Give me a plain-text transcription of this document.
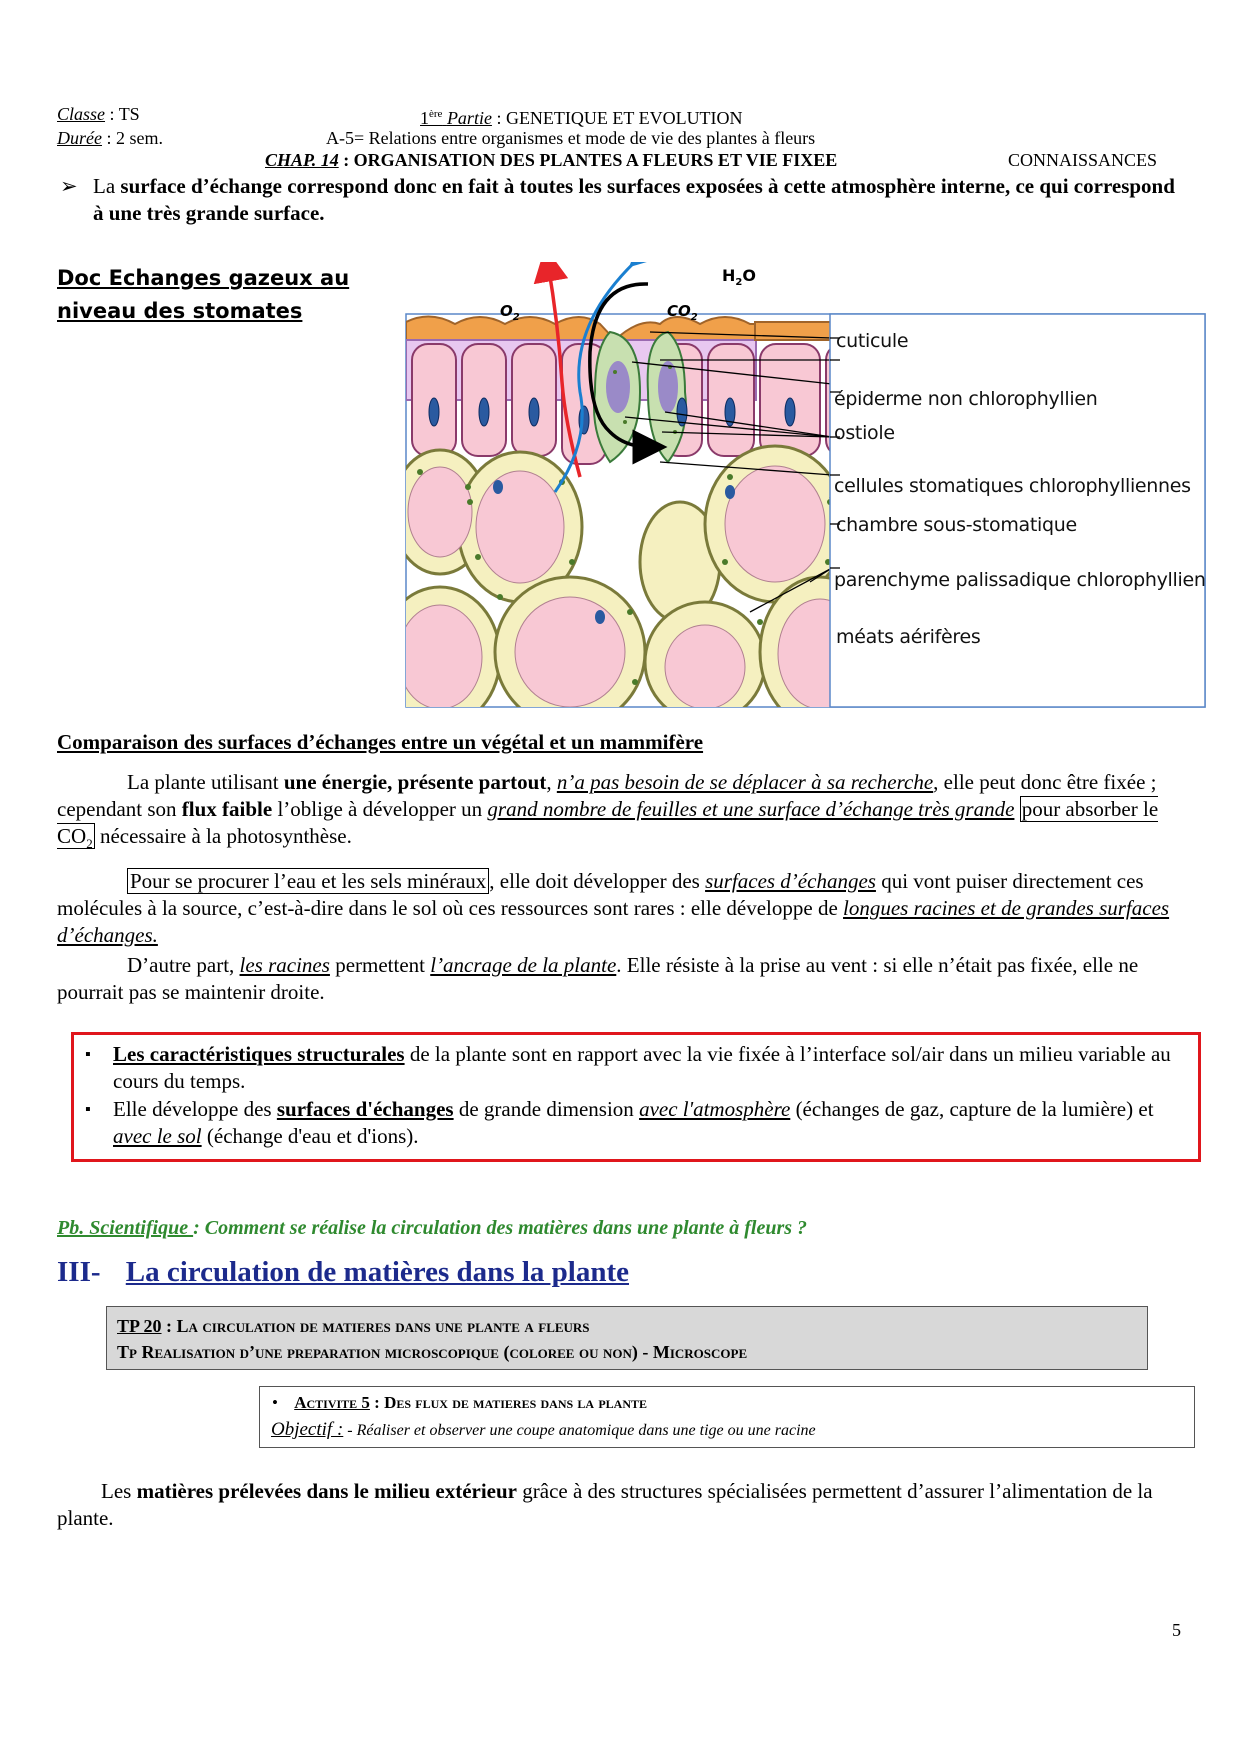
Classe : TS
Durée : 2 sem.
1ère Partie : GENETIQUE ET EVOLUTION
A-5= Relations entre organismes et mode de vie des plantes à fleurs
CHAP. 14 : ORGANISATION DES PLANTES A FLEURS ET VIE FIXEE	CONNAISSANCES
➢ La surface d’échange correspond donc en fait à toutes les surfaces exposées à cette atmosphère interne, ce qui correspond à une très grande surface.
Doc Echanges gazeux au
niveau des stomates	$O_2$	$CO_2$
$H_2O$
cuticule
épiderme non chlorophyllien
ostiole
cellules stomatiques chlorophylliennes
chambre sous-stomatique
parenchyme palissadique chlorophyllien
méats aérifères
Comparaison des surfaces d’échanges entre un végétal et un mammifère
La plante utilisant une énergie, présente partout, n’a pas besoin de se déplacer à sa recherche, elle peut donc être fixée ; cependant son flux faible l’oblige à développer un grand nombre de feuilles et une surface d’échange très grande pour absorber le $CO_2$ nécessaire à la photosynthèse.
Pour se procurer l’eau et les sels minéraux , elle doit développer des surfaces d’échanges qui vont puiser directement ces molécules à la source, c’est-à-dire dans le sol où ces ressources sont rares : elle développe de longues racines et de grandes surfaces d’échanges.
D’autre part, les racines permettent l’ancrage de la plante. Elle résiste à la prise au vent : si elle n’était pas fixée, elle ne pourrait pas se maintenir droite.
▪	Les caractéristiques structurales de la plante sont en rapport avec la vie fixée à l’interface sol/air dans un milieu variable au cours du temps.
▪	Elle développe des surfaces d'échanges de grande dimension avec l'atmosphère (échanges de gaz, capture de la lumière) et avec le sol (échange d'eau et d'ions).
Pb. Scientifique : Comment se réalise la circulation des matières dans une plante à fleurs ?
III- La circulation de matières dans la plante
TP 20 : La circulation de matieres dans une plante a fleurs
Tp Realisation d’une preparation microscopique (coloree ou non) - Microscope
• Activite 5 : Des flux de matieres dans la plante
Objectif : - Réaliser et observer une coupe anatomique dans une tige ou une racine
Les matières prélevées dans le milieu extérieur grâce à des structures spécialisées permettent d’assurer l’alimentation de la plante.
5
